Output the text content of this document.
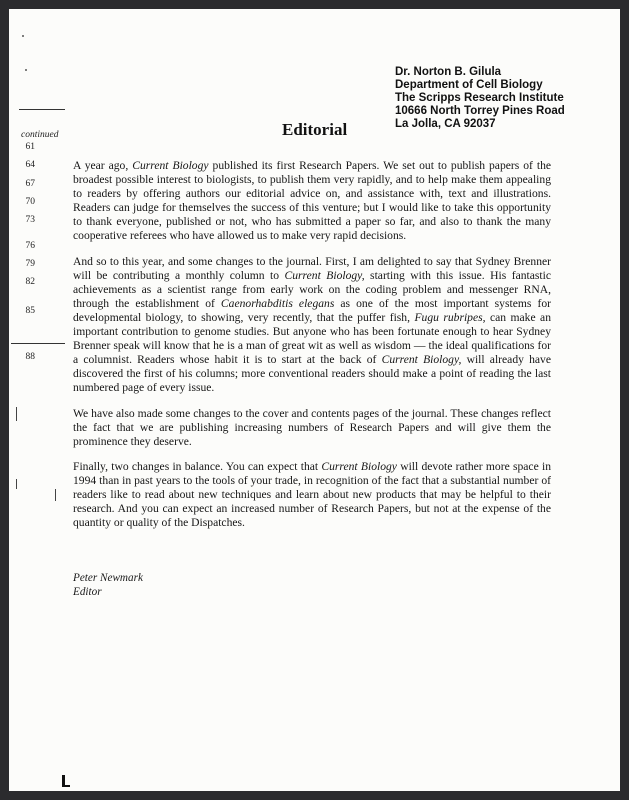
Dr. Norton B. Gilula
Department of Cell Biology
The Scripps Research Institute
10666 North Torrey Pines Road
La Jolla, CA 92037
continued	Editorial
61
64
67
70
73
76
79
82
85
88

A year ago, Current Biology published its first Research Papers. We set out to publish papers of the broadest possible interest to biologists, to publish them very rapidly, and to help make them appealing to readers by offering authors our editorial advice on, and assistance with, text and illustrations. Readers can judge for themselves the success of this venture; but I would like to take this opportunity to thank everyone, published or not, who has submitted a paper so far, and also to thank the many cooperative referees who have allowed us to make very rapid decisions.

And so to this year, and some changes to the journal. First, I am delighted to say that Sydney Brenner will be contributing a monthly column to Current Biology, starting with this issue. His fantastic achievements as a scientist range from early work on the coding problem and messenger RNA, through the establishment of Caenorhabditis elegans as one of the most important systems for developmental biology, to showing, very recently, that the puffer fish, Fugu rubripes, can make an important contribution to genome studies. But anyone who has been fortunate enough to hear Sydney Brenner speak will know that he is a man of great wit as well as wisdom — the ideal qualifications for a columnist. Readers whose habit it is to start at the back of Current Biology, will already have discovered the first of his columns; more conventional readers should make a point of reading the last numbered page of every issue.

We have also made some changes to the cover and contents pages of the journal. These changes reflect the fact that we are publishing increasing numbers of Research Papers and will give them the prominence they deserve.

Finally, two changes in balance. You can expect that Current Biology will devote rather more space in 1994 than in past years to the tools of your trade, in recognition of the fact that a substantial number of readers like to read about new techniques and learn about new products that may be helpful to their research. And you can expect an increased number of Research Papers, but not at the expense of the quantity or quality of the Dispatches.

Peter Newmark
Editor
